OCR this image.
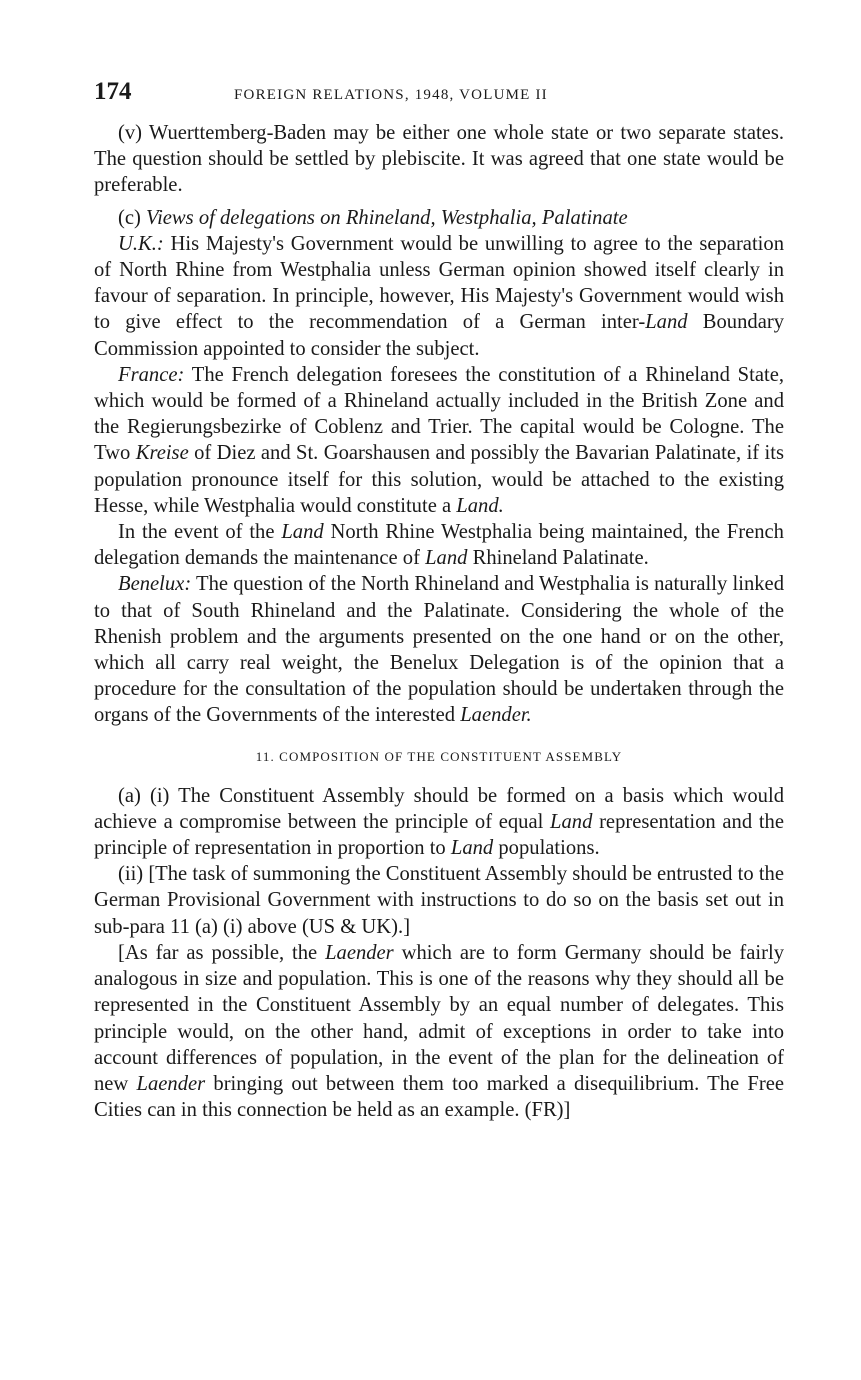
174	FOREIGN RELATIONS, 1948, VOLUME II

(v) Wuerttemberg-Baden may be either one whole state or two separate states. The question should be settled by plebiscite. It was agreed that one state would be preferable.

(c) Views of delegations on Rhineland, Westphalia, Palatinate

U.K.: His Majesty's Government would be unwilling to agree to the separation of North Rhine from Westphalia unless German opinion showed itself clearly in favour of separation. In principle, however, His Majesty's Government would wish to give effect to the recommendation of a German inter-Land Boundary Commission appointed to consider the subject.

France: The French delegation foresees the constitution of a Rhineland State, which would be formed of a Rhineland actually included in the British Zone and the Regierungsbezirke of Coblenz and Trier. The capital would be Cologne. The Two Kreise of Diez and St. Goarshausen and possibly the Bavarian Palatinate, if its population pronounce itself for this solution, would be attached to the existing Hesse, while Westphalia would constitute a Land.

In the event of the Land North Rhine Westphalia being maintained, the French delegation demands the maintenance of Land Rhineland Palatinate.

Benelux: The question of the North Rhineland and Westphalia is naturally linked to that of South Rhineland and the Palatinate. Considering the whole of the Rhenish problem and the arguments presented on the one hand or on the other, which all carry real weight, the Benelux Delegation is of the opinion that a procedure for the consultation of the population should be undertaken through the organs of the Governments of the interested Laender.

11. COMPOSITION OF THE CONSTITUENT ASSEMBLY

(a) (i) The Constituent Assembly should be formed on a basis which would achieve a compromise between the principle of equal Land representation and the principle of representation in proportion to Land populations.

(ii) [The task of summoning the Constituent Assembly should be entrusted to the German Provisional Government with instructions to do so on the basis set out in sub-para 11 (a) (i) above (US & UK).]

[As far as possible, the Laender which are to form Germany should be fairly analogous in size and population. This is one of the reasons why they should all be represented in the Constituent Assembly by an equal number of delegates. This principle would, on the other hand, admit of exceptions in order to take into account differences of population, in the event of the plan for the delineation of new Laender bringing out between them too marked a disequilibrium. The Free Cities can in this connection be held as an example. (FR)]
